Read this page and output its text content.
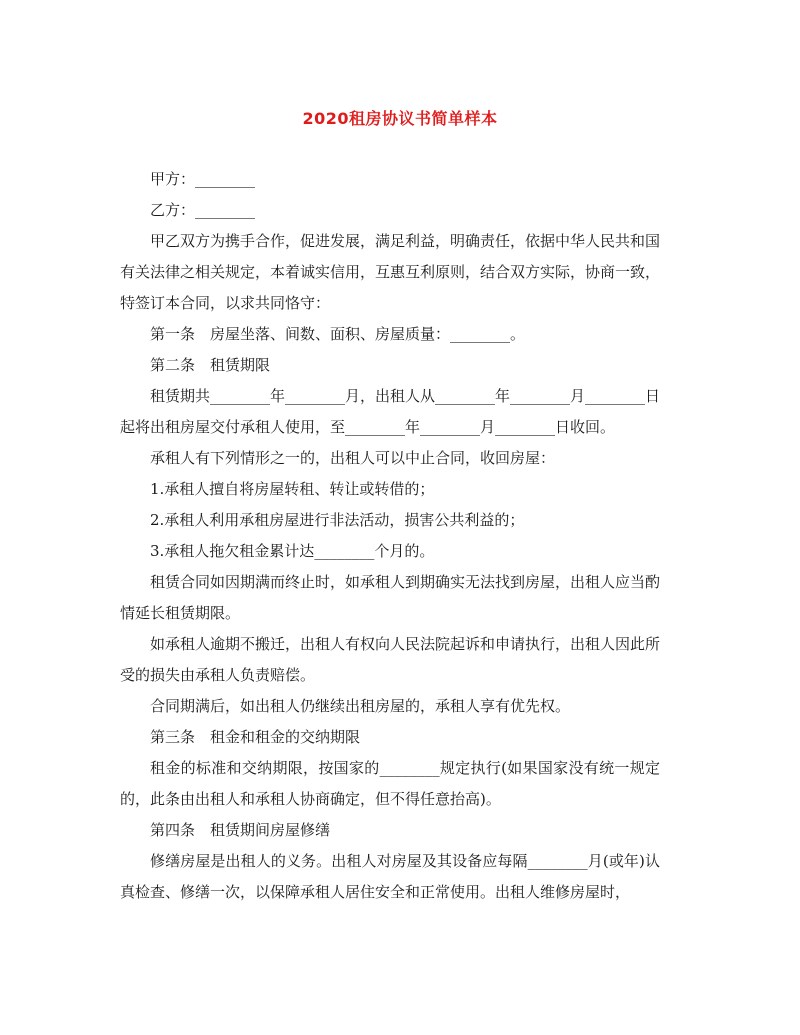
2020租房协议书简单样本

甲方：________

乙方：________

甲乙双方为携手合作，促进发展，满足利益，明确责任，依据中华人民共和国有关法律之相关规定，本着诚实信用，互惠互利原则，结合双方实际，协商一致，特签订本合同，以求共同恪守：

第一条　房屋坐落、间数、面积、房屋质量：________。

第二条　租赁期限

租赁期共________年________月，出租人从________年________月________日起将出租房屋交付承租人使用，至________年________月________日收回。

承租人有下列情形之一的，出租人可以中止合同，收回房屋：

1.承租人擅自将房屋转租、转让或转借的；

2.承租人利用承租房屋进行非法活动，损害公共利益的；

3.承租人拖欠租金累计达________个月的。

租赁合同如因期满而终止时，如承租人到期确实无法找到房屋，出租人应当酌情延长租赁期限。

如承租人逾期不搬迁，出租人有权向人民法院起诉和申请执行，出租人因此所受的损失由承租人负责赔偿。

合同期满后，如出租人仍继续出租房屋的，承租人享有优先权。

第三条　租金和租金的交纳期限

租金的标准和交纳期限，按国家的________规定执行(如果国家没有统一规定的，此条由出租人和承租人协商确定，但不得任意抬高)。

第四条　租赁期间房屋修缮

修缮房屋是出租人的义务。出租人对房屋及其设备应每隔________月(或年)认真检查、修缮一次，以保障承租人居住安全和正常使用。出租人维修房屋时，
